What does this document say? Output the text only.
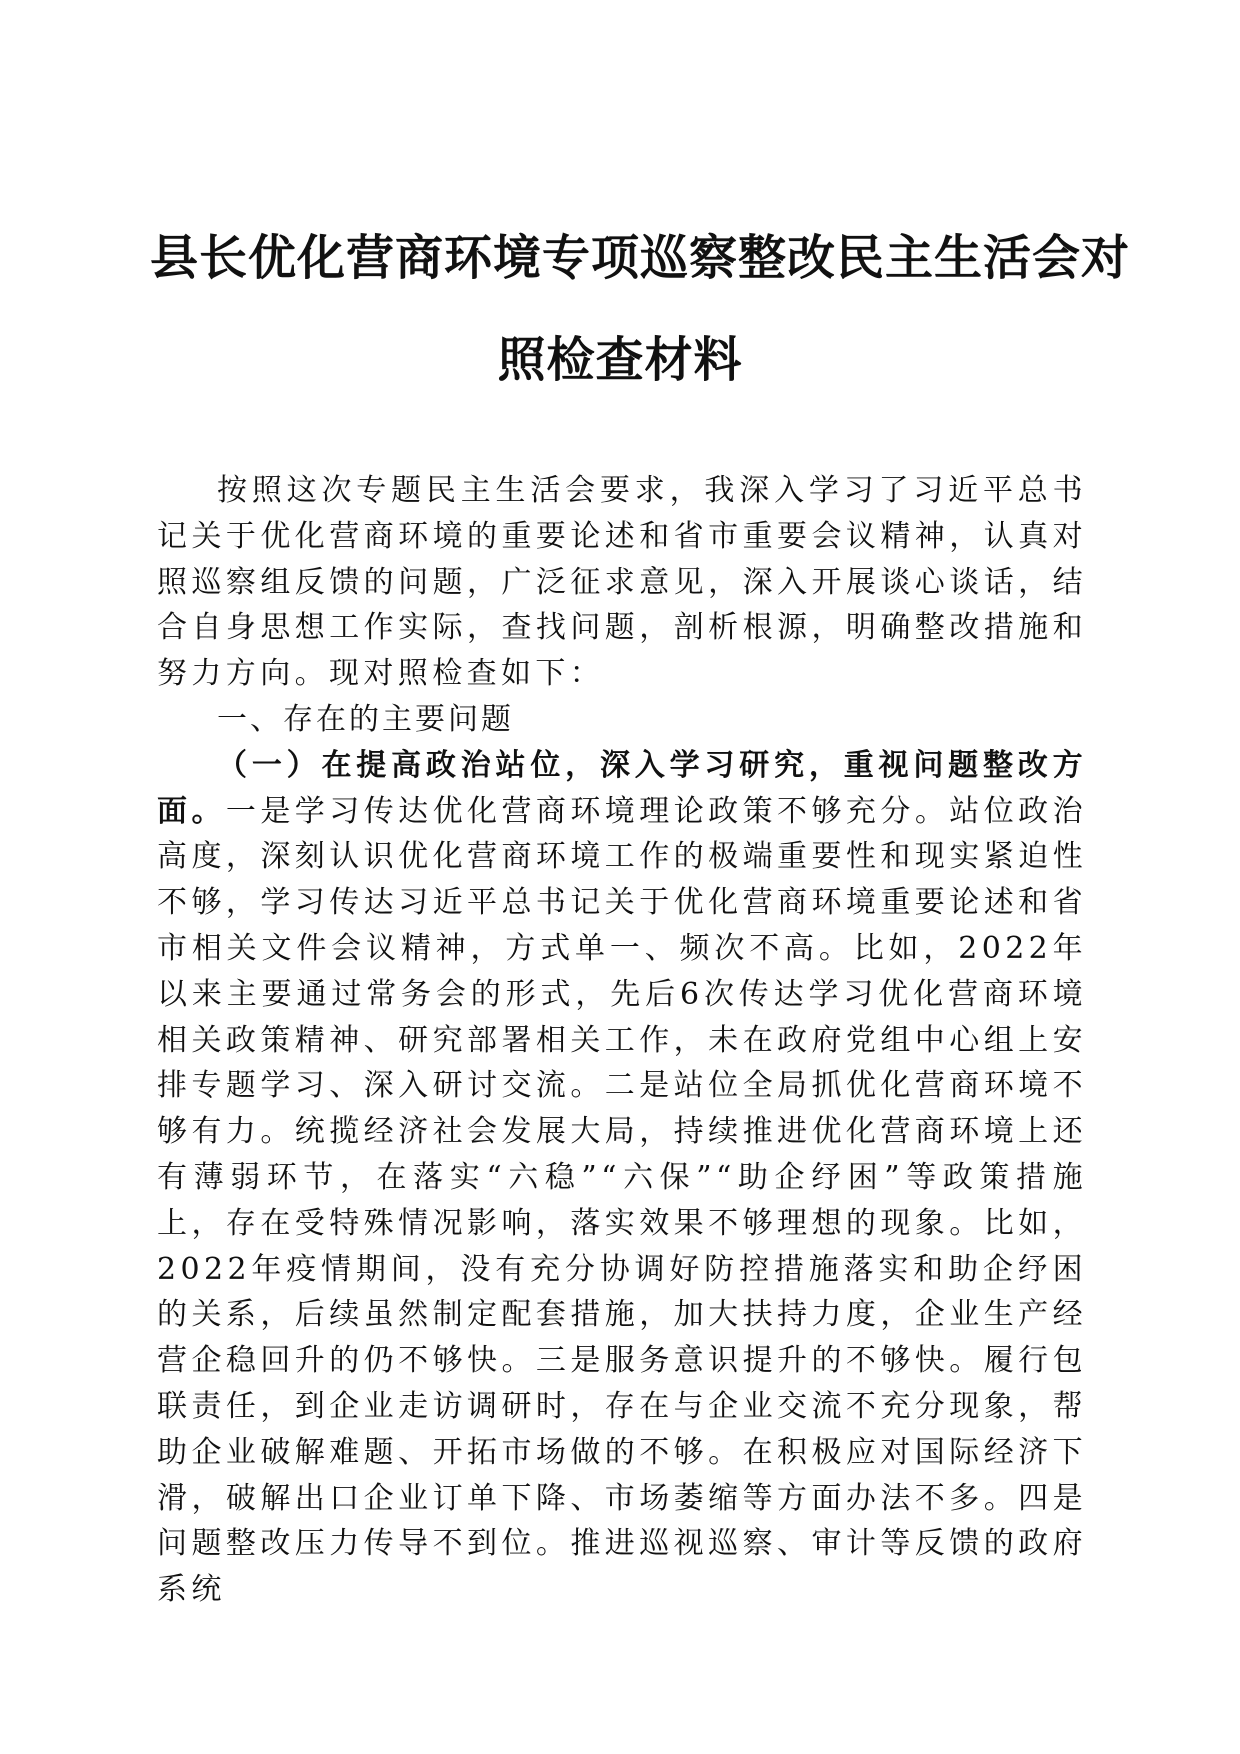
县长优化营商环境专项巡察整改民主生活会对
照检查材料

按照这次专题民主生活会要求，我深入学习了习近平总书记关于优化营商环境的重要论述和省市重要会议精神，认真对照巡察组反馈的问题，广泛征求意见，深入开展谈心谈话，结合自身思想工作实际，查找问题，剖析根源，明确整改措施和努力方向。现对照检查如下：

一、存在的主要问题

（一）在提高政治站位，深入学习研究，重视问题整改方面。一是学习传达优化营商环境理论政策不够充分。站位政治高度，深刻认识优化营商环境工作的极端重要性和现实紧迫性不够，学习传达习近平总书记关于优化营商环境重要论述和省市相关文件会议精神，方式单一、频次不高。比如，2022年以来主要通过常务会的形式，先后6次传达学习优化营商环境相关政策精神、研究部署相关工作，未在政府党组中心组上安排专题学习、深入研讨交流。二是站位全局抓优化营商环境不够有力。统揽经济社会发展大局，持续推进优化营商环境上还有薄弱环节，在落实“六稳”“六保”“助企纾困”等政策措施上，存在受特殊情况影响，落实效果不够理想的现象。比如，2022年疫情期间，没有充分协调好防控措施落实和助企纾困的关系，后续虽然制定配套措施，加大扶持力度，企业生产经营企稳回升的仍不够快。三是服务意识提升的不够快。履行包联责任，到企业走访调研时，存在与企业交流不充分现象，帮助企业破解难题、开拓市场做的不够。在积极应对国际经济下滑，破解出口企业订单下降、市场萎缩等方面办法不多。四是问题整改压力传导不到位。推进巡视巡察、审计等反馈的政府系统
